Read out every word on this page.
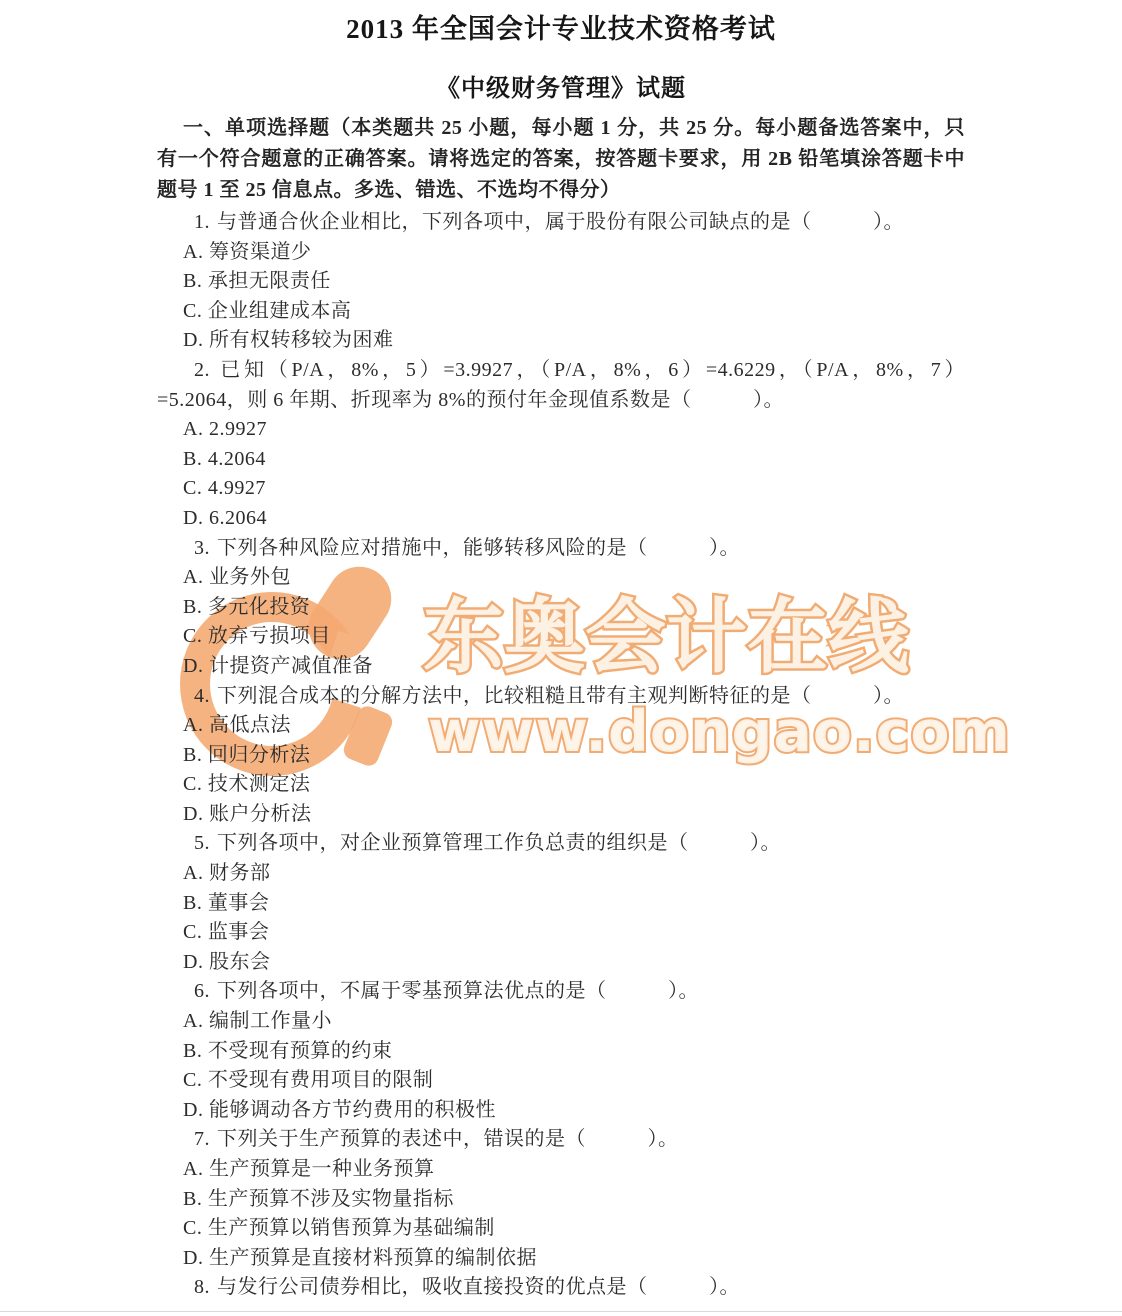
东奥会计在线
www.dongao.com
2013 年全国会计专业技术资格考试
《中级财务管理》试题

一、单项选择题（本类题共 25 小题，每小题 1 分，共 25 分。每小题备选答案中，只有一个符合题意的正确答案。请将选定的答案，按答题卡要求，用 2B 铅笔填涂答题卡中题号 1 至 25 信息点。多选、错选、不选均不得分）

1. 与普通合伙企业相比，下列各项中，属于股份有限公司缺点的是（　　　）。

A. 筹资渠道少

B. 承担无限责任

C. 企业组建成本高

D. 所有权转移较为困难

2. 已知（P/A，8%，5）=3.9927，（P/A，8%，6）=4.6229，（P/A，8%，7）=5.2064，则 6 年期、折现率为 8%的预付年金现值系数是（　　　）。

A. 2.9927

B. 4.2064

C. 4.9927

D. 6.2064

3. 下列各种风险应对措施中，能够转移风险的是（　　　）。

A. 业务外包

B. 多元化投资

C. 放弃亏损项目

D. 计提资产减值准备

4. 下列混合成本的分解方法中，比较粗糙且带有主观判断特征的是（　　　）。

A. 高低点法

B. 回归分析法

C. 技术测定法

D. 账户分析法

5. 下列各项中，对企业预算管理工作负总责的组织是（　　　）。

A. 财务部

B. 董事会

C. 监事会

D. 股东会

6. 下列各项中，不属于零基预算法优点的是（　　　）。

A. 编制工作量小

B. 不受现有预算的约束

C. 不受现有费用项目的限制

D. 能够调动各方节约费用的积极性

7. 下列关于生产预算的表述中，错误的是（　　　）。

A. 生产预算是一种业务预算

B. 生产预算不涉及实物量指标

C. 生产预算以销售预算为基础编制

D. 生产预算是直接材料预算的编制依据

8. 与发行公司债券相比，吸收直接投资的优点是（　　　）。
